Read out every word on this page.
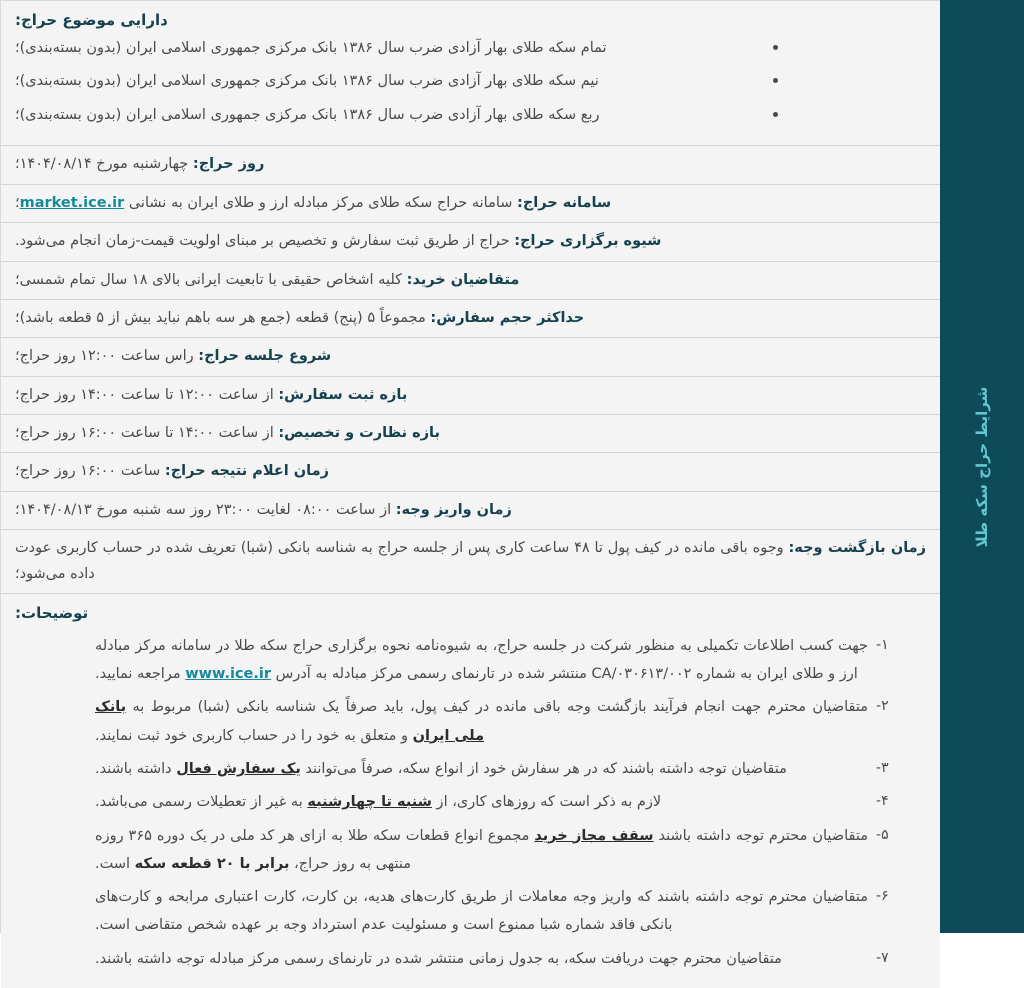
شرایط حراج سکه طلا
دارایی موضوع حراج:
تمام سکه طلای بهار آزادی ضرب سال ۱۳۸۶ بانک مرکزی جمهوری اسلامی ایران (بدون بسته‌بندی)؛
نیم سکه طلای بهار آزادی ضرب سال ۱۳۸۶ بانک مرکزی جمهوری اسلامی ایران (بدون بسته‌بندی)؛
ربع سکه طلای بهار آزادی ضرب سال ۱۳۸۶ بانک مرکزی جمهوری اسلامی ایران (بدون بسته‌بندی)؛
روز حراج: چهارشنبه مورخ ۱۴۰۴/۰۸/۱۴؛
سامانه حراج: سامانه حراج سکه طلای مرکز مبادله ارز و طلای ایران به نشانی market.ice.ir؛
شیوه برگزاری حراج: حراج از طریق ثبت سفارش و تخصیص بر مبنای اولویت قیمت-زمان انجام می‌شود.
متقاضیان خرید: کلیه اشخاص حقیقی با تابعیت ایرانی بالای ۱۸ سال تمام شمسی؛
حداکثر حجم سفارش: مجموعاً ۵ (پنج) قطعه (جمع هر سه باهم نباید بیش از ۵ قطعه باشد)؛
شروع جلسه حراج: راس ساعت ۱۲:۰۰ روز حراج؛
بازه ثبت سفارش: از ساعت ۱۲:۰۰ تا ساعت ۱۴:۰۰ روز حراج؛
بازه نظارت و تخصیص: از ساعت ۱۴:۰۰ تا ساعت ۱۶:۰۰ روز حراج؛
زمان اعلام نتیجه حراج: ساعت ۱۶:۰۰ روز حراج؛
زمان واریز وجه: از ساعت ۰۸:۰۰ لغایت ۲۳:۰۰ روز سه شنبه مورخ ۱۴۰۴/۰۸/۱۳؛
زمان بازگشت وجه: وجوه باقی مانده در کیف پول تا ۴۸ ساعت کاری پس از جلسه حراج به شناسه بانکی (شبا) تعریف شده در حساب کاربری عودت داده می‌شود؛
توضیحات:
۱-
جهت کسب اطلاعات تکمیلی به منظور شرکت در جلسه حراج، به شیوه‌نامه نحوه برگزاری حراج سکه طلا در سامانه مرکز مبادله ارز و طلای ایران به شماره CA/۰۳۰۶۱۳/۰۰۲ منتشر شده در تارنمای رسمی مرکز مبادله به آدرس www.ice.ir مراجعه نمایید.
۲-
متقاضیان محترم جهت انجام فرآیند بازگشت وجه باقی مانده در کیف پول، باید صرفاً یک شناسه بانکی (شبا) مربوط به بانک ملی ایران و متعلق به خود را در حساب کاربری خود ثبت نمایند.
۳-
متقاضیان توجه داشته باشند که در هر سفارش خود از انواع سکه، صرفاً می‌توانند یک سفارش فعال داشته باشند.
۴-
لازم به ذکر است که روزهای کاری، از شنبه تا چهارشنبه به غیر از تعطیلات رسمی می‌باشد.
۵-
متقاضیان محترم توجه داشته باشند سقف مجاز خرید مجموع انواع قطعات سکه طلا به ازای هر کد ملی در یک دوره ۳۶۵ روزه منتهی به روز حراج، برابر با ۲۰ قطعه سکه است.
۶-
متقاضیان محترم توجه داشته باشند که واریز وجه معاملات از طریق کارت‌های هدیه، بن کارت، کارت اعتباری مرابحه و کارت‌های بانکی فاقد شماره شبا ممنوع است و مسئولیت عدم استرداد وجه بر عهده شخص متقاضی است.
۷-
متقاضیان محترم جهت دریافت سکه، به جدول زمانی منتشر شده در تارنمای رسمی مرکز مبادله توجه داشته باشند.
